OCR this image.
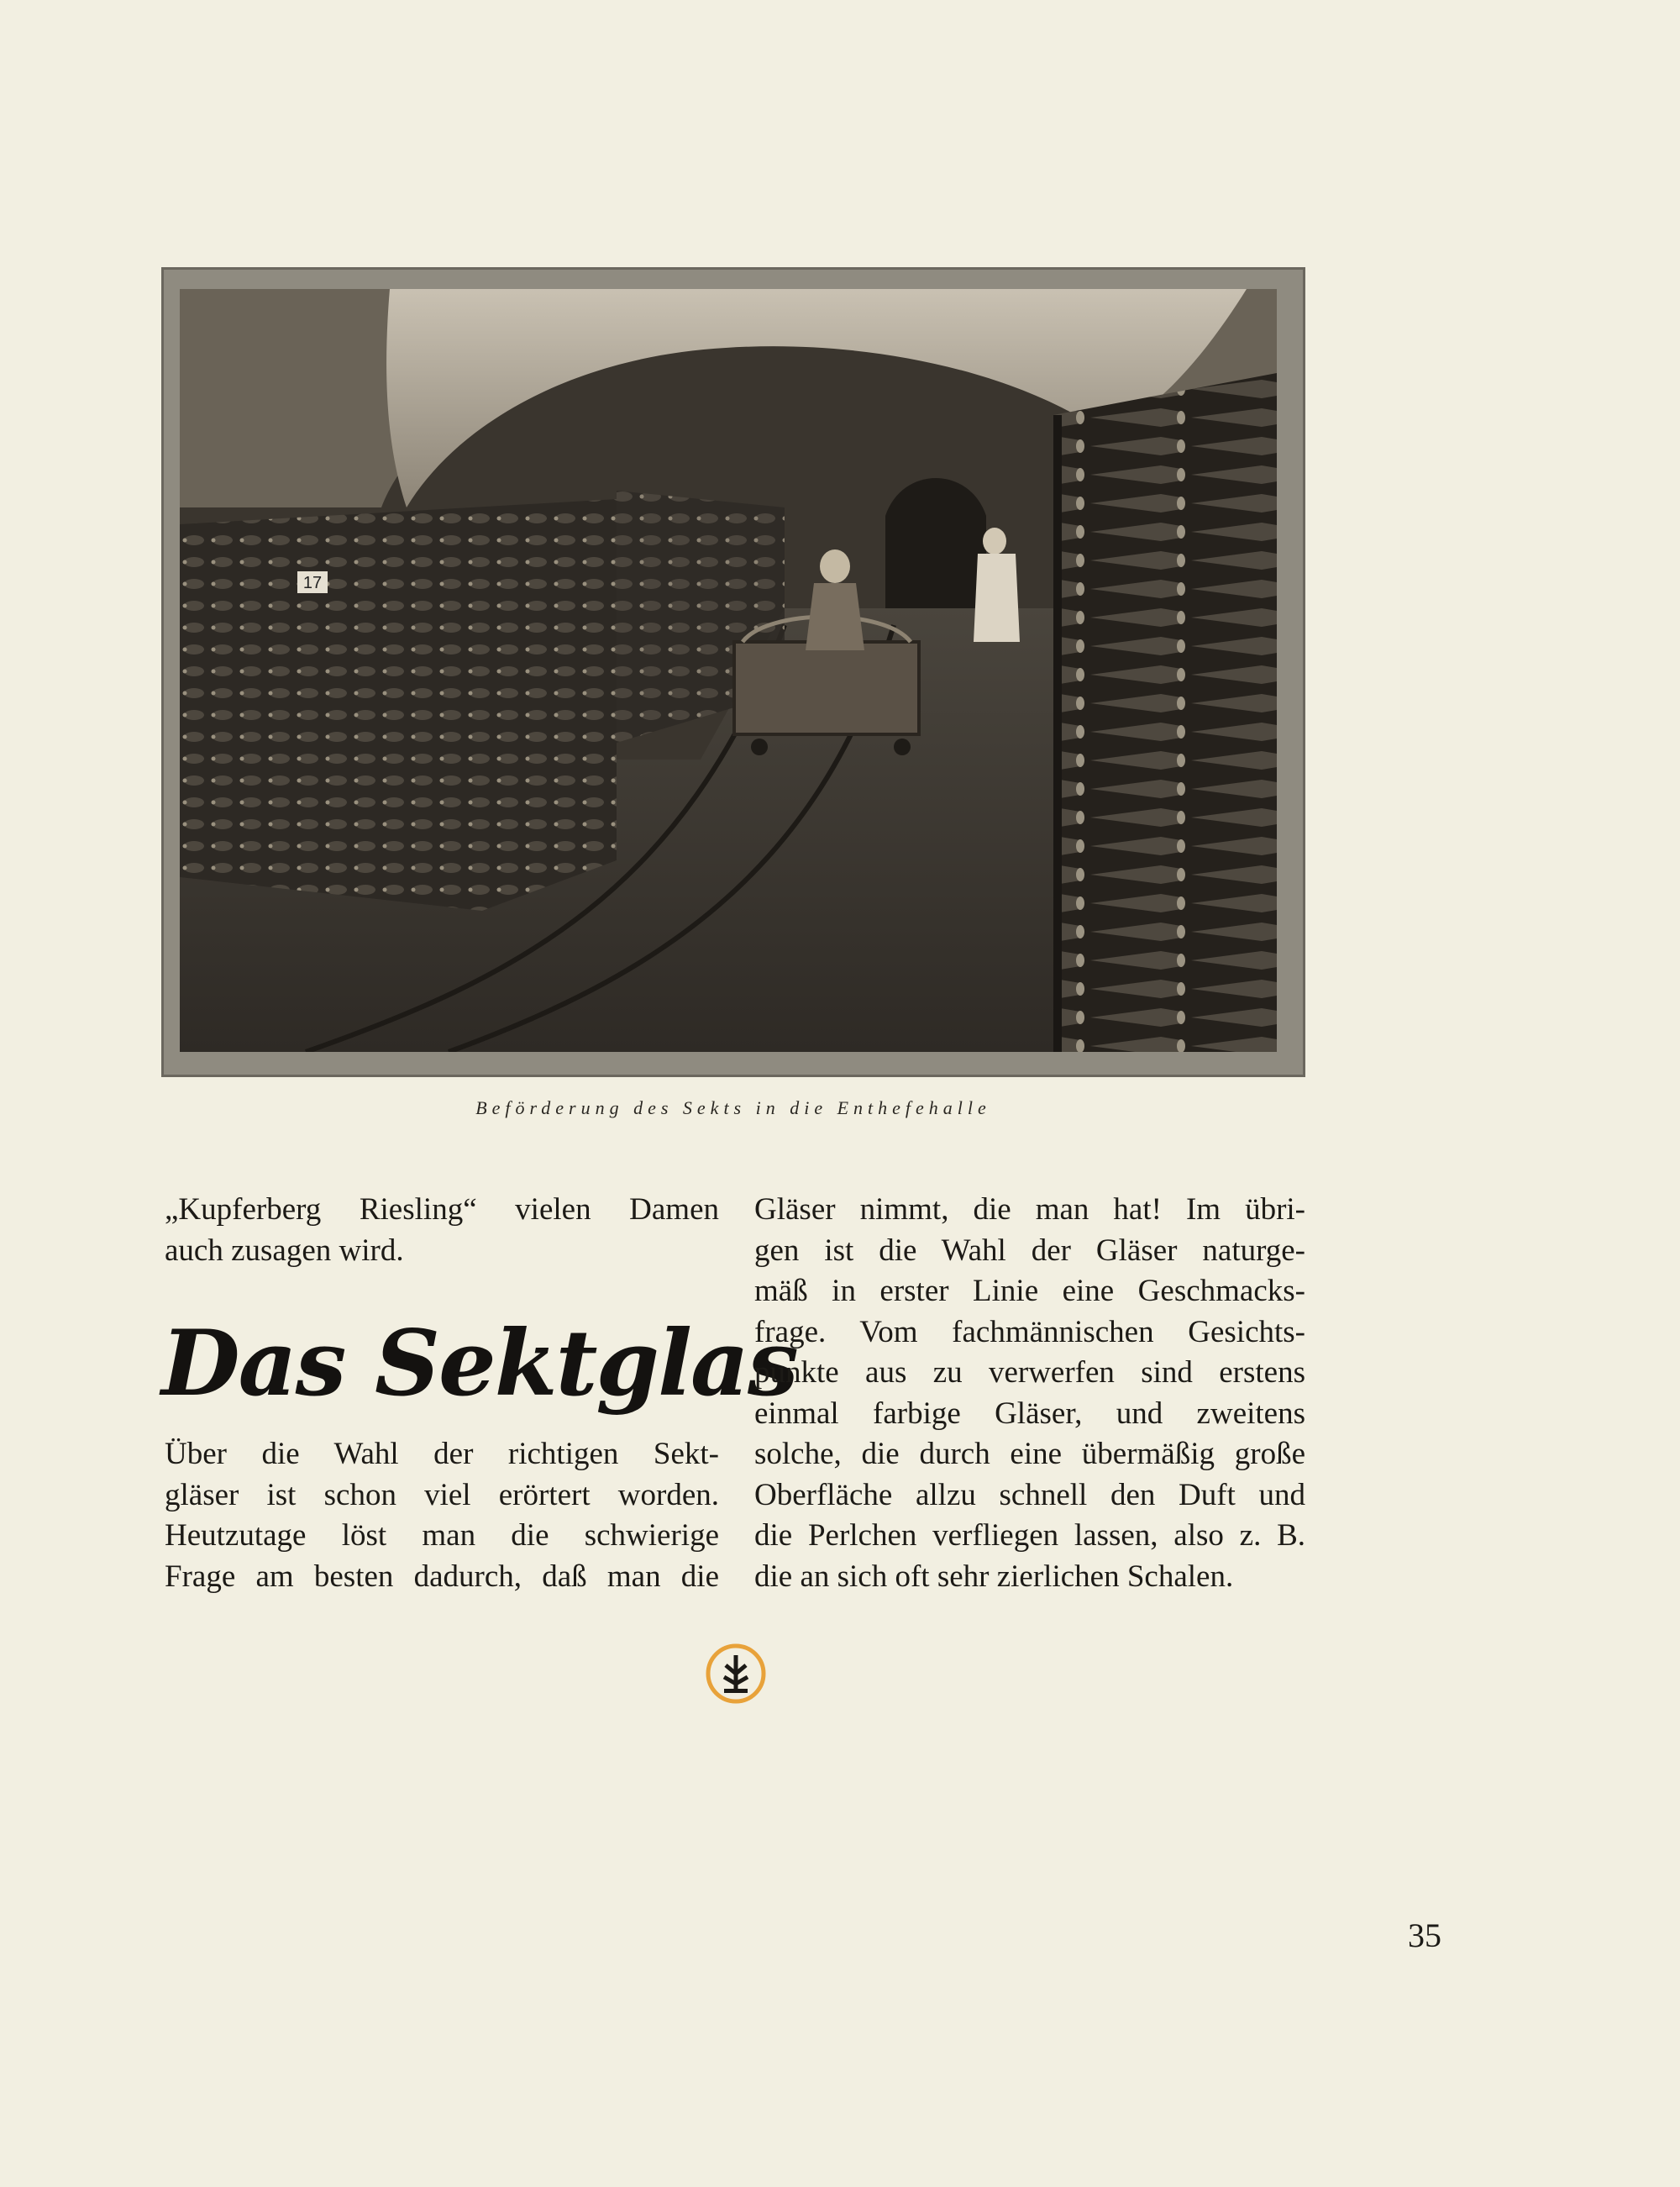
17
Beförderung des Sekts in die Enthefehalle
„Kupferberg Riesling“ vielen Damen
auch zusagen wird.
Das Sektglas
Über die Wahl der richtigen Sekt-
gläser ist schon viel erörtert worden.
Heutzutage löst man die schwierige
Frage am besten dadurch, daß man die
Gläser nimmt, die man hat! Im übri-
gen ist die Wahl der Gläser naturge-
mäß in erster Linie eine Geschmacks-
frage. Vom fachmännischen Gesichts-
punkte aus zu verwerfen sind erstens
einmal farbige Gläser, und zweitens
solche, die durch eine übermäßig große
Oberfläche allzu schnell den Duft und
die Perlchen verfliegen lassen, also z. B.
die an sich oft sehr zierlichen Schalen.
35
